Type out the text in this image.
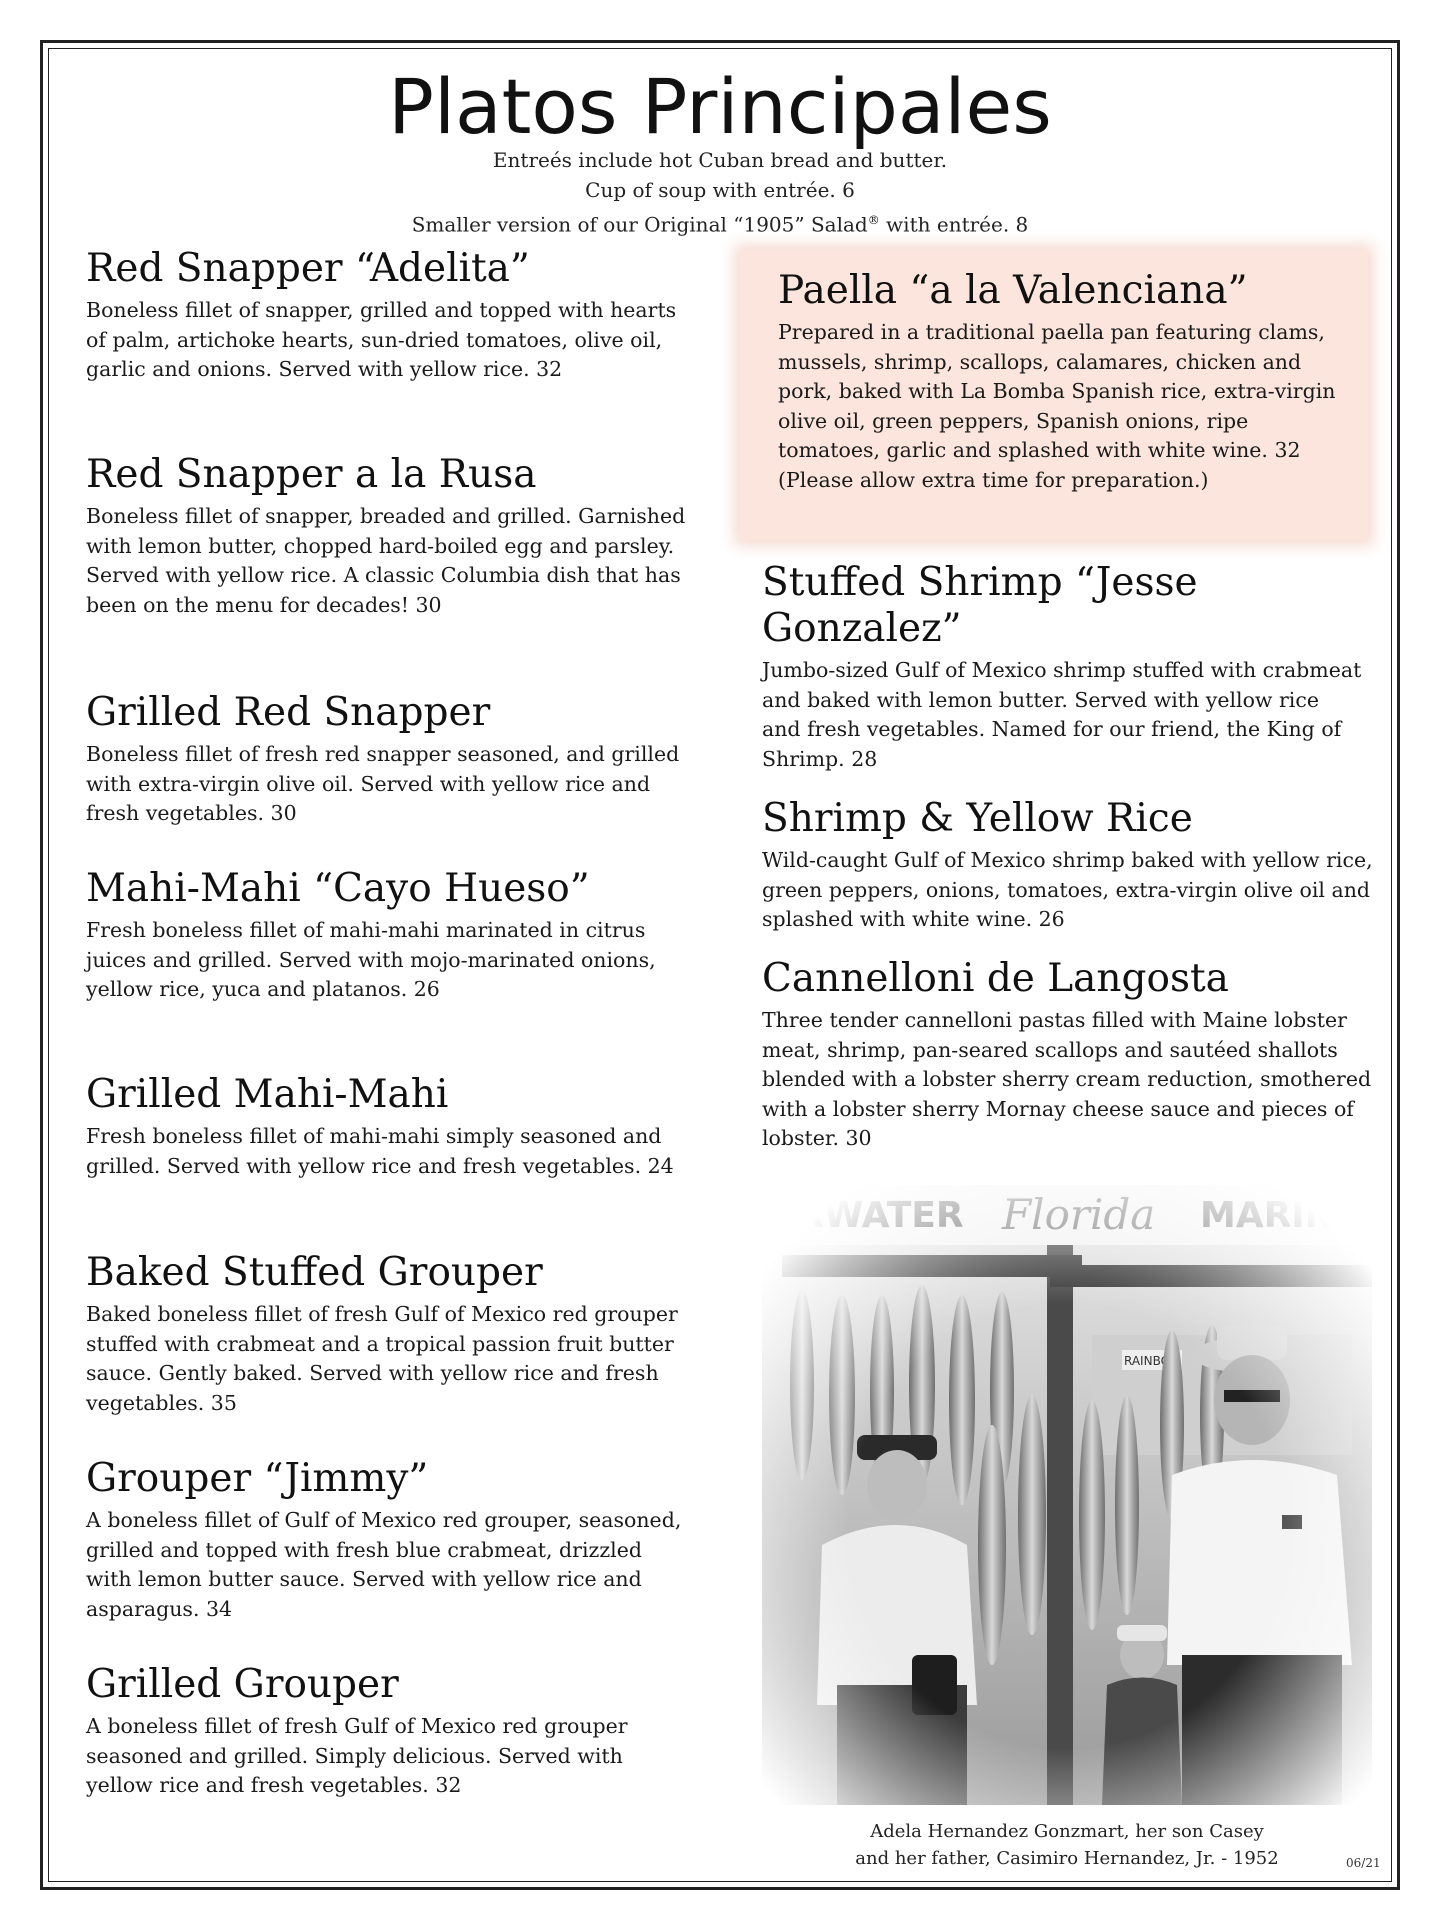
Platos Principales
Entreés include hot Cuban bread and butter.
Cup of soup with entrée. 6
Smaller version of our Original “1905” Salad® with entrée. 8
Red Snapper “Adelita”
Boneless fillet of snapper, grilled and topped with hearts of palm, artichoke hearts, sun-dried tomatoes, olive oil, garlic and onions. Served with yellow rice. 32
Red Snapper a la Rusa
Boneless fillet of snapper, breaded and grilled. Garnished with lemon butter, chopped hard-boiled egg and parsley. Served with yellow rice. A classic Columbia dish that has been on the menu for decades! 30
Grilled Red Snapper
Boneless fillet of fresh red snapper seasoned, and grilled with extra-virgin olive oil. Served with yellow rice and fresh vegetables. 30
Mahi-Mahi “Cayo Hueso”
Fresh boneless fillet of mahi-mahi marinated in citrus juices and grilled. Served with mojo-marinated onions, yellow rice, yuca and platanos. 26
Grilled Mahi-Mahi
Fresh boneless fillet of mahi-mahi simply seasoned and grilled. Served with yellow rice and fresh vegetables. 24
Baked Stuffed Grouper
Baked boneless fillet of fresh Gulf of Mexico red grouper stuffed with crabmeat and a tropical passion fruit butter sauce. Gently baked. Served with yellow rice and fresh vegetables. 35
Grouper “Jimmy”
A boneless fillet of Gulf of Mexico red grouper, seasoned, grilled and topped with fresh blue crabmeat, drizzled with lemon butter sauce. Served with yellow rice and asparagus. 34
Grilled Grouper
A boneless fillet of fresh Gulf of Mexico red grouper seasoned and grilled. Simply delicious. Served with yellow rice and fresh vegetables. 32
Paella “a la Valenciana”
Prepared in a traditional paella pan featuring clams, mussels, shrimp, scallops, calamares, chicken and pork, baked with La Bomba Spanish rice, extra-virgin olive oil, green peppers, Spanish onions, ripe tomatoes, garlic and splashed with white wine. 32 (Please allow extra time for preparation.)
Stuffed Shrimp “Jesse Gonzalez”
Jumbo-sized Gulf of Mexico shrimp stuffed with crabmeat and baked with lemon butter. Served with yellow rice and fresh vegetables. Named for our friend, the King of Shrimp. 28
Shrimp & Yellow Rice
Wild-caught Gulf of Mexico shrimp baked with yellow rice, green peppers, onions, tomatoes, extra-virgin olive oil and splashed with white wine. 26
Cannelloni de Langosta
Three tender cannelloni pastas filled with Maine lobster meat, shrimp, pan-seared scallops and sautéed shallots blended with a lobster sherry cream reduction, smothered with a lobster sherry Mornay cheese sauce and pieces of lobster. 30
Adela Hernandez Gonzmart, her son Casey
and her father, Casimiro Hernandez, Jr. - 1952	06/21
